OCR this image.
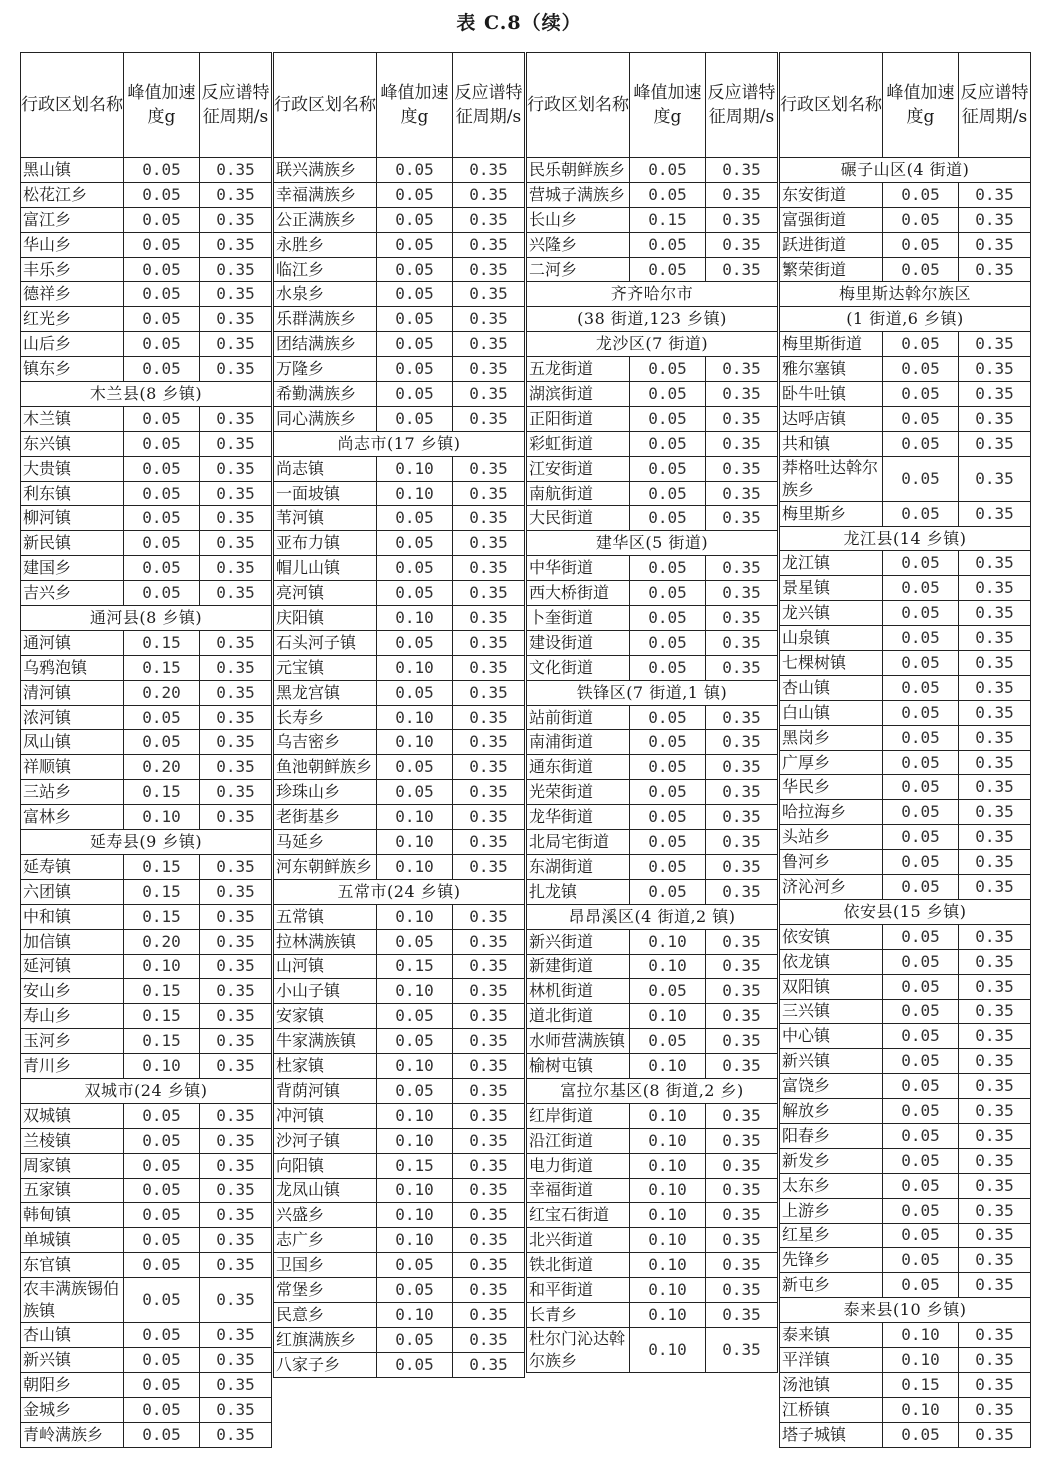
表 C.8（续）
行政区划名称	峰值加速度g	反应谱特征周期/s
黑山镇	0.05	0.35
松花江乡	0.05	0.35
富江乡	0.05	0.35
华山乡	0.05	0.35
丰乐乡	0.05	0.35
德祥乡	0.05	0.35
红光乡	0.05	0.35
山后乡	0.05	0.35
镇东乡	0.05	0.35
木兰县(8 乡镇)		
木兰镇	0.05	0.35
东兴镇	0.05	0.35
大贵镇	0.05	0.35
利东镇	0.05	0.35
柳河镇	0.05	0.35
新民镇	0.05	0.35
建国乡	0.05	0.35
吉兴乡	0.05	0.35
通河县(8 乡镇)		
通河镇	0.15	0.35
乌鸦泡镇	0.15	0.35
清河镇	0.20	0.35
浓河镇	0.05	0.35
凤山镇	0.05	0.35
祥顺镇	0.20	0.35
三站乡	0.15	0.35
富林乡	0.10	0.35
延寿县(9 乡镇)		
延寿镇	0.15	0.35
六团镇	0.15	0.35
中和镇	0.15	0.35
加信镇	0.20	0.35
延河镇	0.10	0.35
安山乡	0.15	0.35
寿山乡	0.15	0.35
玉河乡	0.15	0.35
青川乡	0.10	0.35
双城市(24 乡镇)		
双城镇	0.05	0.35
兰棱镇	0.05	0.35
周家镇	0.05	0.35
五家镇	0.05	0.35
韩甸镇	0.05	0.35
单城镇	0.05	0.35
东官镇	0.05	0.35
农丰满族锡伯族镇	0.05	0.35

杏山镇	0.05	0.35
新兴镇	0.05	0.35
朝阳乡	0.05	0.35
金城乡	0.05	0.35
青岭满族乡	0.05	0.35
行政区划名称	峰值加速度g	反应谱特征周期/s
联兴满族乡	0.05	0.35
幸福满族乡	0.05	0.35
公正满族乡	0.05	0.35
永胜乡	0.05	0.35
临江乡	0.05	0.35
水泉乡	0.05	0.35
乐群满族乡	0.05	0.35
团结满族乡	0.05	0.35
万隆乡	0.05	0.35
希勤满族乡	0.05	0.35
同心满族乡	0.05	0.35
尚志市(17 乡镇)		
尚志镇	0.10	0.35
一面坡镇	0.10	0.35
苇河镇	0.05	0.35
亚布力镇	0.05	0.35
帽儿山镇	0.05	0.35
亮河镇	0.05	0.35
庆阳镇	0.10	0.35
石头河子镇	0.05	0.35
元宝镇	0.10	0.35
黑龙宫镇	0.05	0.35
长寿乡	0.10	0.35
乌吉密乡	0.10	0.35
鱼池朝鲜族乡	0.05	0.35

珍珠山乡	0.05	0.35
老街基乡	0.10	0.35
马延乡	0.10	0.35
河东朝鲜族乡	0.10	0.35

五常市(24 乡镇)		
五常镇	0.10	0.35
拉林满族镇	0.05	0.35
山河镇	0.15	0.35
小山子镇	0.10	0.35
安家镇	0.05	0.35
牛家满族镇	0.05	0.35
杜家镇	0.10	0.35
背荫河镇	0.05	0.35
冲河镇	0.10	0.35
沙河子镇	0.10	0.35
向阳镇	0.15	0.35
龙凤山镇	0.10	0.35
兴盛乡	0.10	0.35
志广乡	0.10	0.35
卫国乡	0.05	0.35
常堡乡	0.05	0.35
民意乡	0.10	0.35
红旗满族乡	0.05	0.35
八家子乡	0.05	0.35

行政区划名称	峰值加速度g	反应谱特征周期/s
民乐朝鲜族乡	0.05	0.35

营城子满族乡	0.05	0.35

长山乡	0.15	0.35
兴隆乡	0.05	0.35
二河乡	0.05	0.35
齐齐哈尔市		
(38 街道,123 乡镇)		
龙沙区(7 街道)		
五龙街道	0.05	0.35
湖滨街道	0.05	0.35
正阳街道	0.05	0.35
彩虹街道	0.05	0.35
江安街道	0.05	0.35
南航街道	0.05	0.35
大民街道	0.05	0.35
建华区(5 街道)		
中华街道	0.05	0.35
西大桥街道	0.05	0.35
卜奎街道	0.05	0.35
建设街道	0.05	0.35
文化街道	0.05	0.35
铁锋区(7 街道,1 镇)		
站前街道	0.05	0.35
南浦街道	0.05	0.35
通东街道	0.05	0.35
光荣街道	0.05	0.35
龙华街道	0.05	0.35
北局宅街道	0.05	0.35
东湖街道	0.05	0.35
扎龙镇	0.05	0.35
昂昂溪区(4 街道,2 镇)		
新兴街道	0.10	0.35
新建街道	0.10	0.35
林机街道	0.05	0.35
道北街道	0.10	0.35
水师营满族镇	0.05	0.35

榆树屯镇	0.10	0.35
富拉尔基区(8 街道,2 乡)		
红岸街道	0.10	0.35
沿江街道	0.10	0.35
电力街道	0.10	0.35
幸福街道	0.10	0.35
红宝石街道	0.10	0.35
北兴街道	0.10	0.35
铁北街道	0.10	0.35
和平街道	0.10	0.35
长青乡	0.10	0.35
杜尔门沁达斡尔族乡	0.10	0.35

行政区划名称	峰值加速度g	反应谱特征周期/s
碾子山区(4 街道)		
东安街道	0.05	0.35
富强街道	0.05	0.35
跃进街道	0.05	0.35
繁荣街道	0.05	0.35
梅里斯达斡尔族区		
(1 街道,6 乡镇)		
梅里斯街道	0.05	0.35
雅尔塞镇	0.05	0.35
卧牛吐镇	0.05	0.35
达呼店镇	0.05	0.35
共和镇	0.05	0.35
莽格吐达斡尔族乡	0.05	0.35

梅里斯乡	0.05	0.35
龙江县(14 乡镇)		
龙江镇	0.05	0.35
景星镇	0.05	0.35
龙兴镇	0.05	0.35
山泉镇	0.05	0.35
七棵树镇	0.05	0.35
杏山镇	0.05	0.35
白山镇	0.05	0.35
黑岗乡	0.05	0.35
广厚乡	0.05	0.35
华民乡	0.05	0.35
哈拉海乡	0.05	0.35
头站乡	0.05	0.35
鲁河乡	0.05	0.35
济沁河乡	0.05	0.35
依安县(15 乡镇)		
依安镇	0.05	0.35
依龙镇	0.05	0.35
双阳镇	0.05	0.35
三兴镇	0.05	0.35
中心镇	0.05	0.35
新兴镇	0.05	0.35
富饶乡	0.05	0.35
解放乡	0.05	0.35
阳春乡	0.05	0.35
新发乡	0.05	0.35
太东乡	0.05	0.35
上游乡	0.05	0.35
红星乡	0.05	0.35
先锋乡	0.05	0.35
新屯乡	0.05	0.35
泰来县(10 乡镇)		
泰来镇	0.10	0.35
平洋镇	0.10	0.35
汤池镇	0.15	0.35
江桥镇	0.10	0.35
塔子城镇	0.05	0.35
